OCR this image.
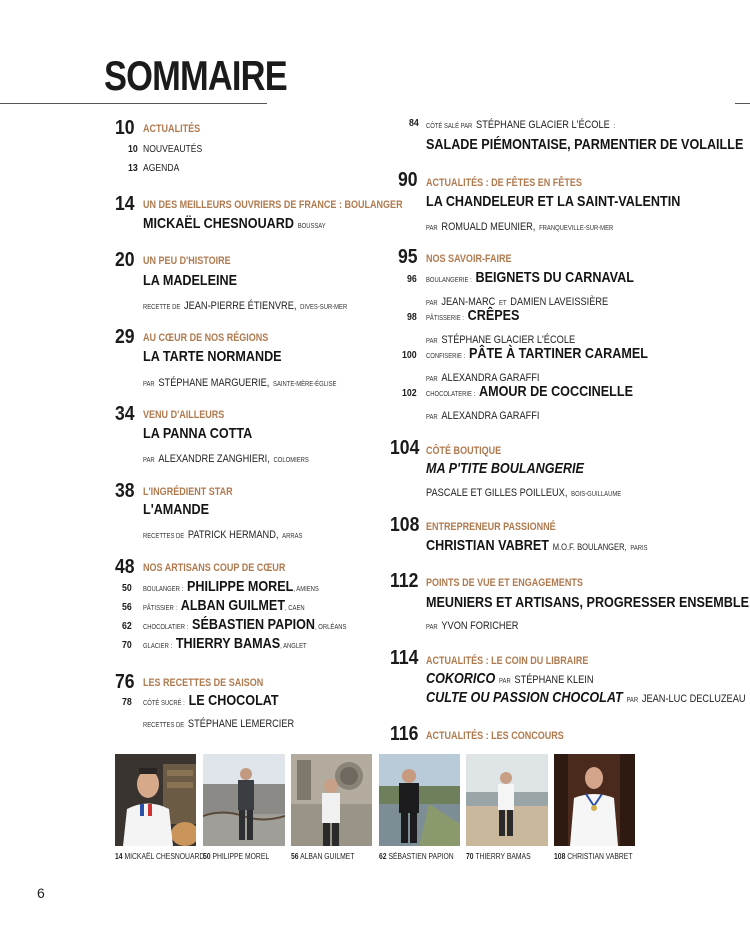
SOMMAIRE
10 ACTUALITÉS
10 NOUVEAUTÉS
13 AGENDA
14 UN DES MEILLEURS OUVRIERS DE FRANCE : BOULANGER
MICKAËL CHESNOUARD BOUSSAY
20 UN PEU D'HISTOIRE
LA MADELEINE
RECETTE DE JEAN-PIERRE ÉTIENVRE, DIVES-SUR-MER
29 AU CŒUR DE NOS RÉGIONS
LA TARTE NORMANDE
PAR STÉPHANE MARGUERIE, SAINTE-MÈRE-ÉGLISE
34 VENU D'AILLEURS
LA PANNA COTTA
PAR ALEXANDRE ZANGHIERI, COLOMIERS
38 L'INGRÉDIENT STAR
L'AMANDE
RECETTES DE PATRICK HERMAND, ARRAS
48 NOS ARTISANS COUP DE CŒUR
50 BOULANGER : PHILIPPE MOREL, AMIENS
56 PÂTISSIER : ALBAN GUILMET, CAEN
62 CHOCOLATIER : SÉBASTIEN PAPION, ORLÉANS
70 GLACIER : THIERRY BAMAS, ANGLET
76 LES RECETTES DE SAISON
78 CÔTÉ SUCRÉ : LE CHOCOLAT
RECETTES DE STÉPHANE LEMERCIER
84 CÔTÉ SALÉ PAR STÉPHANE GLACIER L'ÉCOLE :
SALADE PIÉMONTAISE, PARMENTIER DE VOLAILLE
90 ACTUALITÉS : DE FÊTES EN FÊTES
LA CHANDELEUR ET LA SAINT-VALENTIN
PAR ROMUALD MEUNIER, FRANQUEVILLE-SUR-MER
95 NOS SAVOIR-FAIRE
96 BOULANGERIE : BEIGNETS DU CARNAVAL
PAR JEAN-MARC ET DAMIEN LAVEISSIÈRE
98 PÂTISSERIE : CRÊPES
PAR STÉPHANE GLACIER L'ÉCOLE
100 CONFISERIE : PÂTE À TARTINER CARAMEL
PAR ALEXANDRA GARAFFI
102 CHOCOLATERIE : AMOUR DE COCCINELLE
PAR ALEXANDRA GARAFFI
104 CÔTÉ BOUTIQUE
MA P'TITE BOULANGERIE
PASCALE ET GILLES POILLEUX, BOIS-GUILLAUME
108 ENTREPRENEUR PASSIONNÉ
CHRISTIAN VABRET M.O.F. BOULANGER, PARIS
112 POINTS DE VUE ET ENGAGEMENTS
MEUNIERS ET ARTISANS, PROGRESSER ENSEMBLE
PAR YVON FORICHER
114 ACTUALITÉS : LE COIN DU LIBRAIRE
COKORICO PAR STÉPHANE KLEIN
CULTE OU PASSION CHOCOLAT PAR JEAN-LUC DECLUZEAU
116 ACTUALITÉS : LES CONCOURS
14 MICKAËL CHESNOUARD
50 PHILIPPE MOREL	56 ALBAN GUILMET	62 SÉBASTIEN PAPION 70 THIERRY BAMAS	108 CHRISTIAN VABRET
6
